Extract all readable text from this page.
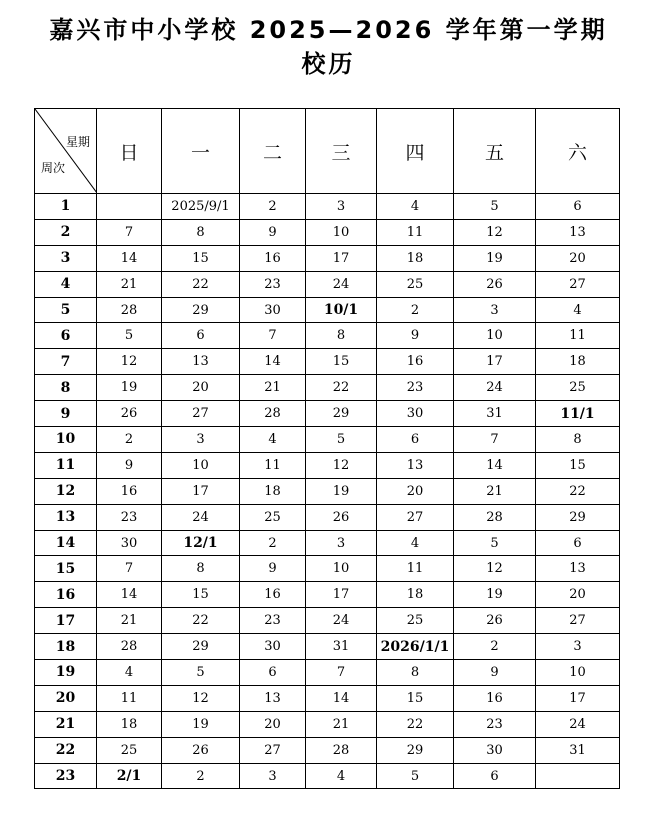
嘉兴市中小学校 2025—2026 学年第一学期
校历
星期
周次	日	一	二	三	四	五	六
1		2025/9/1	2	3	4	5	6
2	7	8	9	10	11	12	13
3	14	15	16	17	18	19	20
4	21	22	23	24	25	26	27
5	28	29	30	10/1	2	3	4
6	5	6	7	8	9	10	11
7	12	13	14	15	16	17	18
8	19	20	21	22	23	24	25
9	26	27	28	29	30	31	11/1
10	2	3	4	5	6	7	8
11	9	10	11	12	13	14	15
12	16	17	18	19	20	21	22
13	23	24	25	26	27	28	29
14	30	12/1	2	3	4	5	6
15	7	8	9	10	11	12	13
16	14	15	16	17	18	19	20
17	21	22	23	24	25	26	27
18	28	29	30	31	2026/1/1	2	3
19	4	5	6	7	8	9	10
20	11	12	13	14	15	16	17
21	18	19	20	21	22	23	24
22	25	26	27	28	29	30	31
23	2/1	2	3	4	5	6	
